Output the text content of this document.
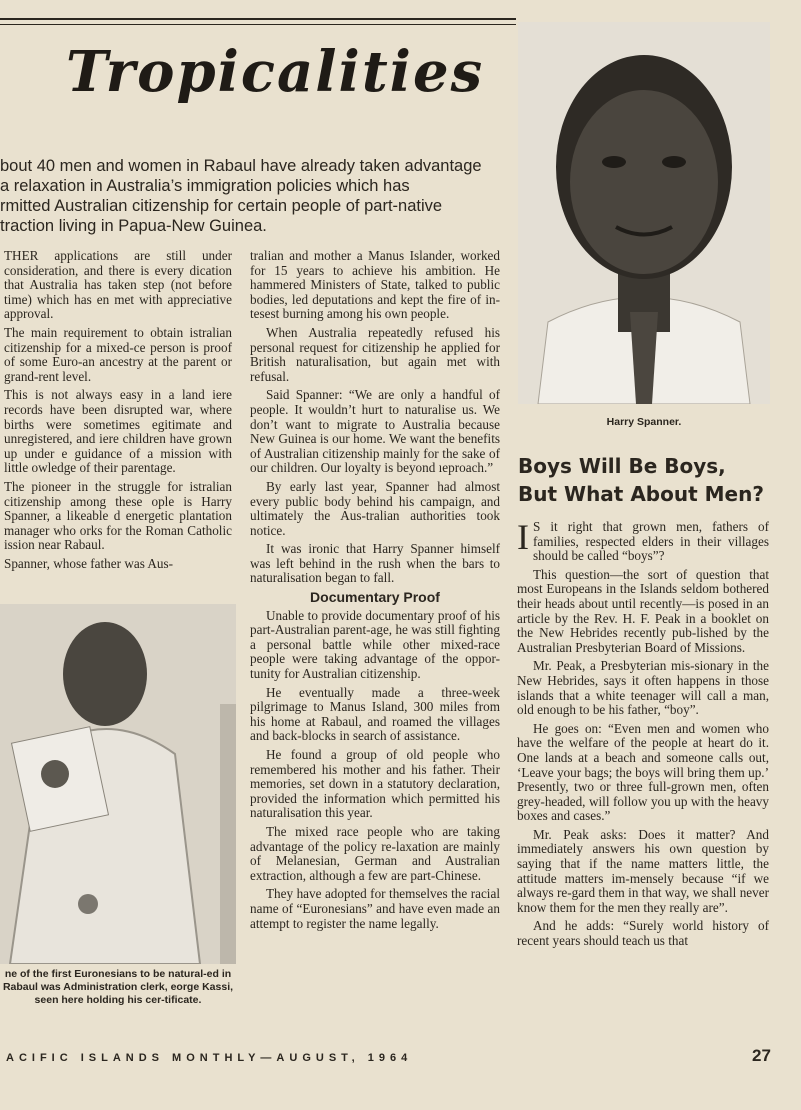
Tropicalities
bout 40 men and women in Rabaul have already taken advantage
a relaxation in Australia’s immigration policies which has
rmitted Australian citizenship for certain people of part-native
traction living in Papua-New Guinea.

THER applications are still under consideration, and there is every dication that Australia has taken step (not before time) which has en met with appreciative approval.

The main requirement to obtain istralian citizenship for a mixed-ce person is proof of some Euro-an ancestry at the parent or grand-rent level.

This is not always easy in a land iere records have been disrupted war, where births were sometimes egitimate and unregistered, and iere children have grown up under e guidance of a mission with little owledge of their parentage.

The pioneer in the struggle for istralian citizenship among these ople is Harry Spanner, a likeable d energetic plantation manager who orks for the Roman Catholic ission near Rabaul.

Spanner, whose father was Aus-

ne of the first Euronesians to be natural-ed in Rabaul was Administration clerk, eorge Kassi, seen here holding his cer-tificate.

tralian and mother a Manus Islander, worked for 15 years to achieve his ambition. He hammered Ministers of State, talked to public bodies, led deputations and kept the fire of in-tesest burning among his own people.

When Australia repeatedly refused his personal request for citizenship he applied for British naturalisation, but again met with refusal.

Said Spanner: “We are only a handful of people. It wouldn’t hurt to naturalise us. We don’t want to migrate to Australia because New Guinea is our home. We want the benefits of Australian citizenship mainly for the sake of our children. Our loyalty is beyond ıeproach.”

By early last year, Spanner had almost every public body behind his campaign, and ultimately the Aus-tralian authorities took notice.

It was ironic that Harry Spanner himself was left behind in the rush when the bars to naturalisation began to fall.

Documentary Proof

Unable to provide documentary proof of his part-Australian parent-age, he was still fighting a personal battle while other mixed-race people were taking advantage of the oppor-tunity for Australian citizenship.

He eventually made a three-week pilgrimage to Manus Island, 300 miles from his home at Rabaul, and roamed the villages and back-blocks in search of assistance.

He found a group of old people who remembered his mother and his father. Their memories, set down in a statutory declaration, provided the information which permitted his naturalisation this year.

The mixed race people who are taking advantage of the policy re-laxation are mainly of Melanesian, German and Australian extraction, although a few are part-Chinese.

They have adopted for themselves the racial name of “Euronesians” and have even made an attempt to register the name legally.

Harry Spanner.
Boys Will Be Boys,
But What About Men?

I S it right that grown men, fathers of families, respected elders in their villages should be called “boys”?

This question—the sort of question that most Europeans in the Islands seldom bothered their heads about until recently—is posed in an article by the Rev. H. F. Peak in a booklet on the New Hebrides recently pub-lished by the Australian Presbyterian Board of Missions.

Mr. Peak, a Presbyterian mis-sionary in the New Hebrides, says it often happens in those islands that a white teenager will call a man, old enough to be his father, “boy”.

He goes on: “Even men and women who have the welfare of the people at heart do it. One lands at a beach and someone calls out, ‘Leave your bags; the boys will bring them up.’ Presently, two or three full-grown men, often grey-headed, will follow you up with the heavy boxes and cases.”

Mr. Peak asks: Does it matter? And immediately answers his own question by saying that if the name matters little, the attitude matters im-mensely because “if we always re-gard them in that way, we shall never know them for the men they really are”.

And he adds: “Surely world history of recent years should teach us that

ACIFIC ISLANDS MONTHLY—AUGUST, 1964	27
